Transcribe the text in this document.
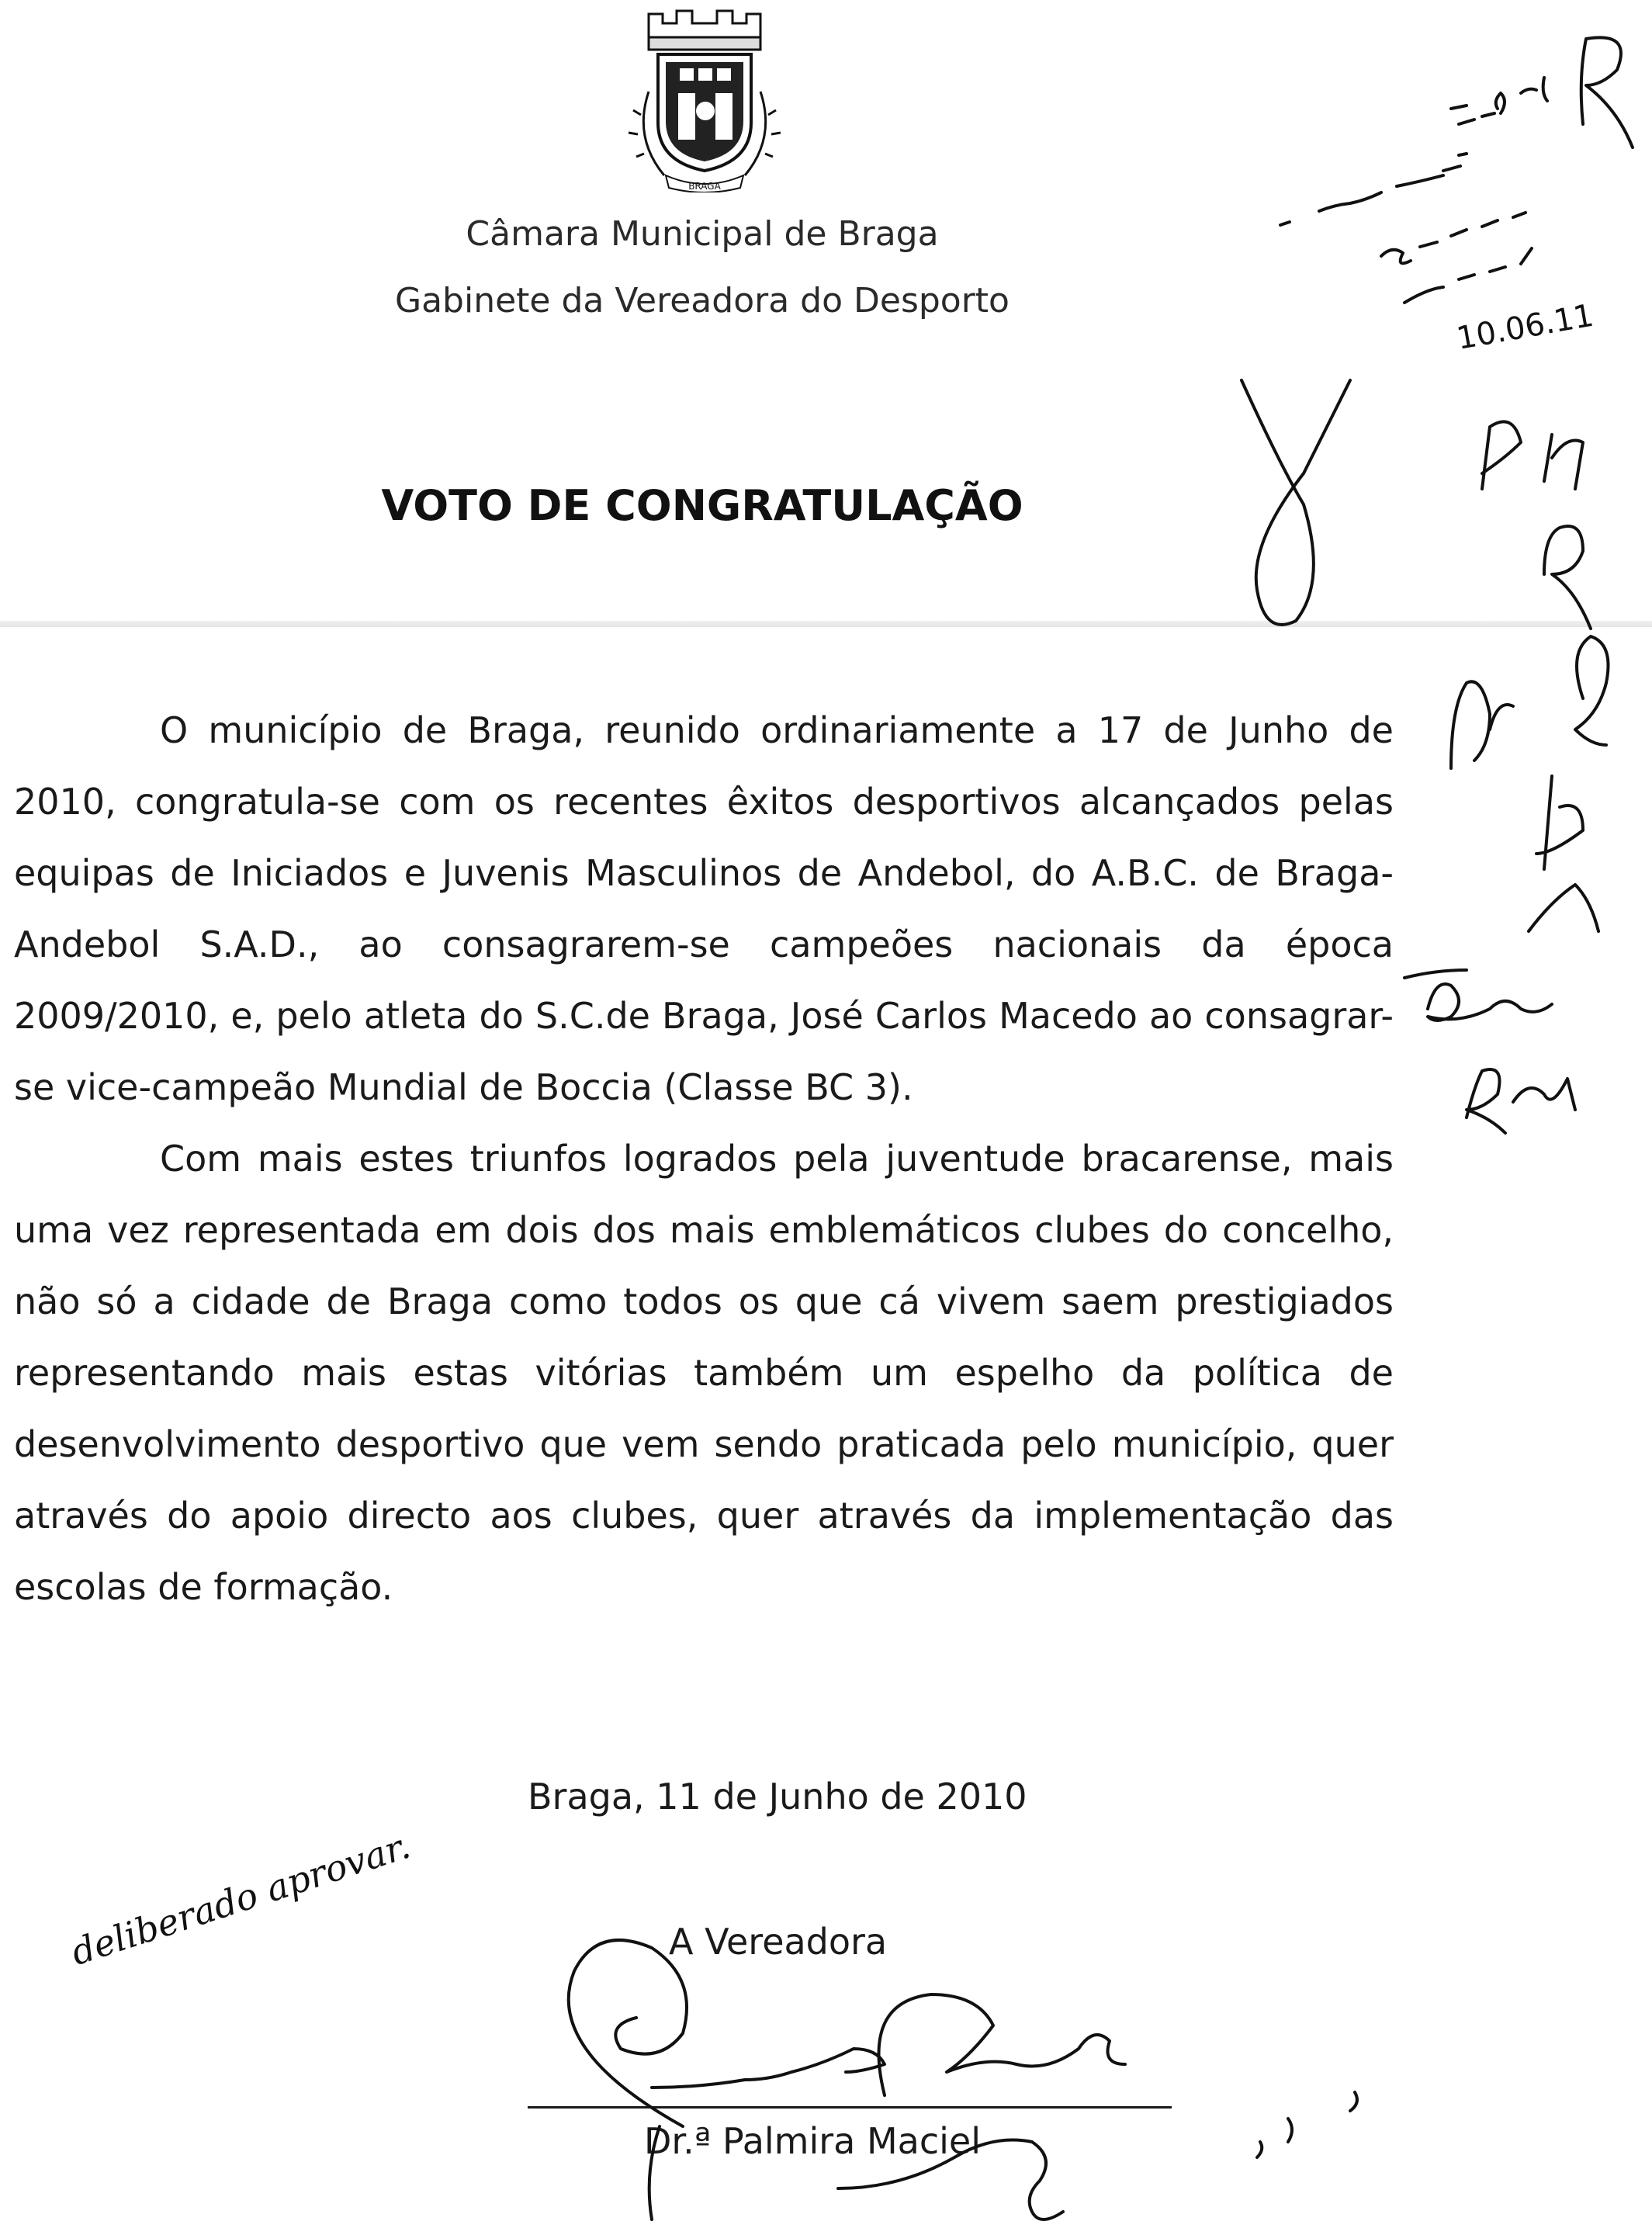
BRAGA
Câmara Municipal de Braga
Gabinete da Vereadora do Desporto
VOTO DE CONGRATULAÇÃO

O município de Braga, reunido ordinariamente a 17 de Junho de 2010, congratula-se com os recentes êxitos desportivos alcançados pelas equipas de Iniciados e Juvenis Masculinos de Andebol, do A.B.C. de Braga-Andebol S.A.D., ao consagrarem-se campeões nacionais da época 2009/2010, e, pelo atleta do S.C.de Braga, José Carlos Macedo ao consagrar-se vice-campeão Mundial de Boccia (Classe BC 3).

Com mais estes triunfos logrados pela juventude bracarense, mais uma vez representada em dois dos mais emblemáticos clubes do concelho, não só a cidade de Braga como todos os que cá vivem saem prestigiados representando mais estas vitórias também um espelho da política de desenvolvimento desportivo que vem sendo praticada pelo município, quer através do apoio directo aos clubes, quer através da implementação das escolas de formação.

Braga, 11 de Junho de 2010
A Vereadora
Dr.ª Palmira Maciel
10.06.11
deliberado aprovar.
